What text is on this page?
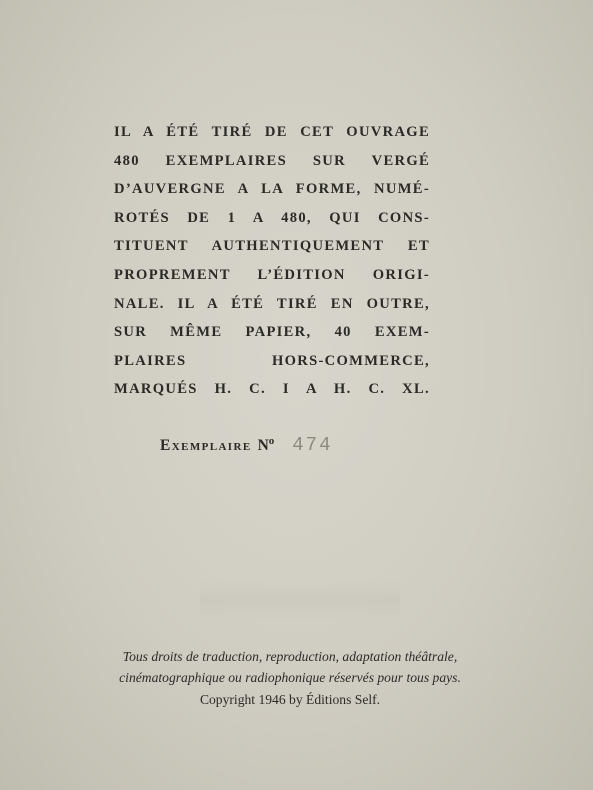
IL A ÉTÉ TIRÉ DE CET OUVRAGE
480 EXEMPLAIRES SUR VERGÉ
D’AUVERGNE A LA FORME, NUMÉ-
ROTÉS DE 1 A 480, QUI CONS-
TITUENT AUTHENTIQUEMENT ET
PROPREMENT L’ÉDITION ORIGI-
NALE. IL A ÉTÉ TIRÉ EN OUTRE,
SUR MÊME PAPIER, 40 EXEM-
PLAIRES HORS-COMMERCE,
MARQUÉS H. C. I A H. C. XL.
Exemplaire $N^o$ 474
Tous droits de traduction, reproduction, adaptation théâtrale,
cinématographique ou radiophonique réservés pour tous pays.
Copyright 1946 by Éditions Self.
